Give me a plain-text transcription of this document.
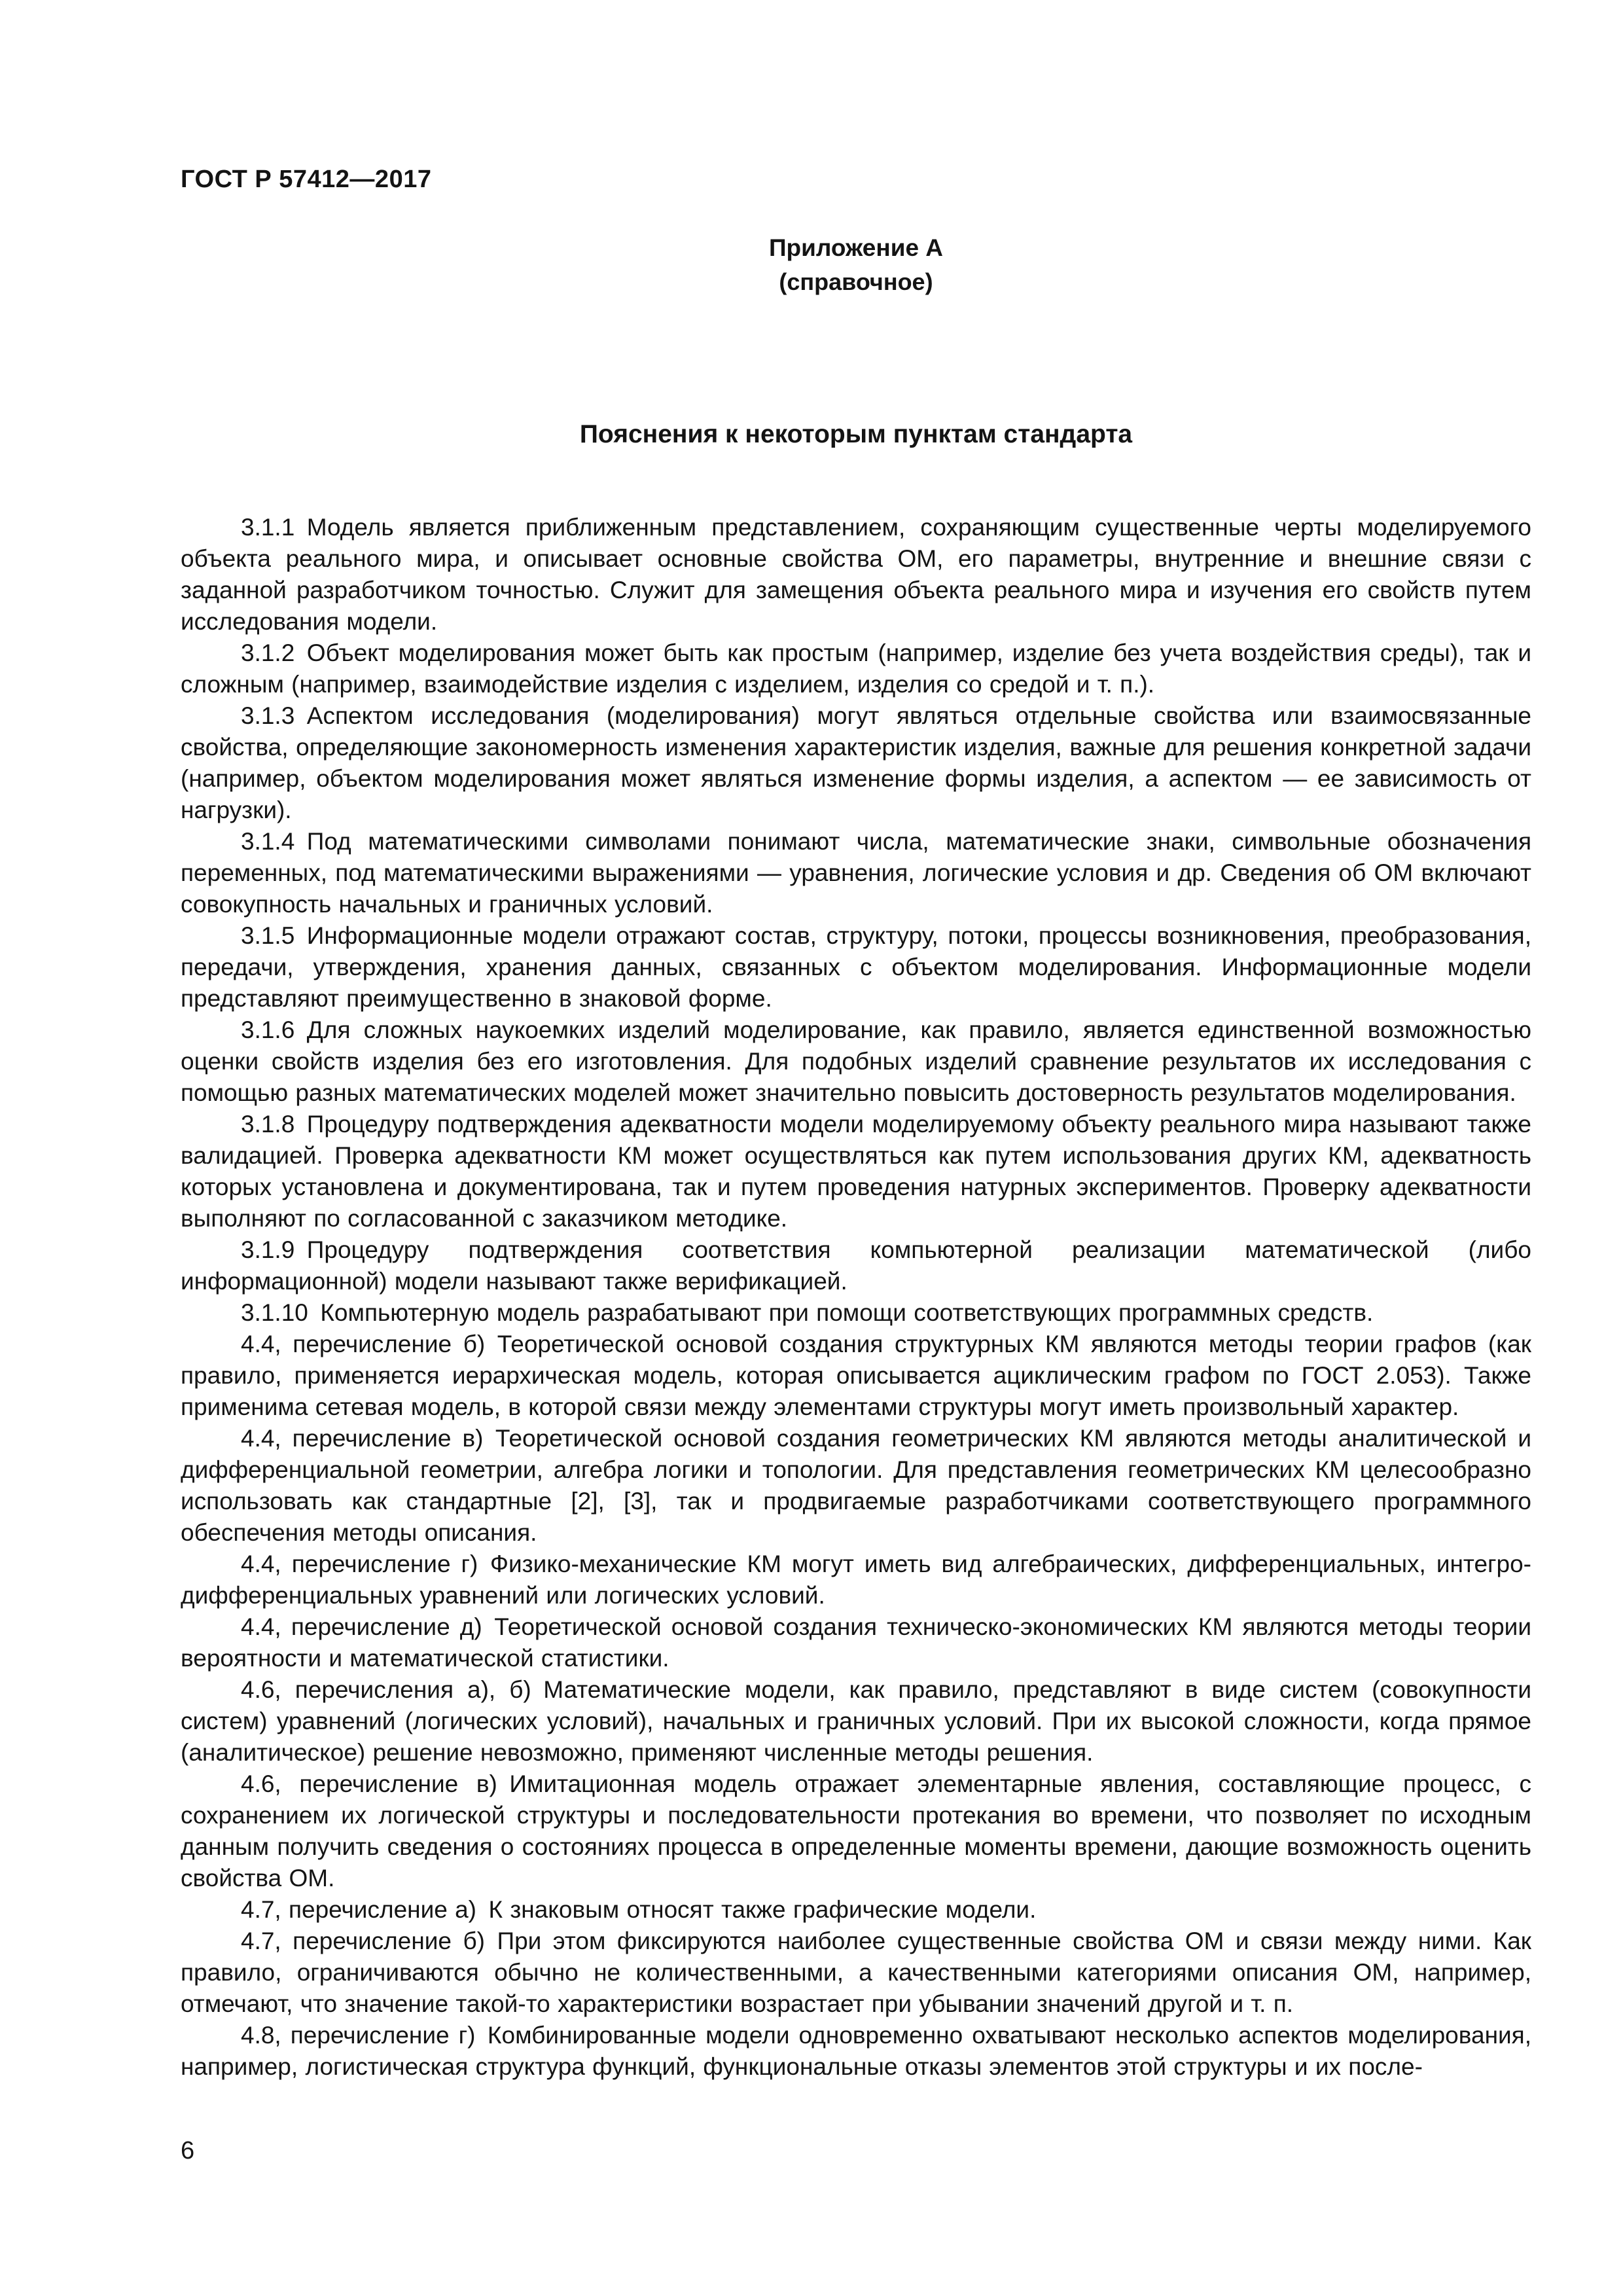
ГОСТ Р 57412—2017
Приложение А
(справочное)
Пояснения к некоторым пунктам стандарта

3.1.1 Модель является приближенным представлением, сохраняющим существенные черты моделируемого объекта реального мира, и описывает основные свойства ОМ, его параметры, внутренние и внешние связи с заданной разработчиком точностью. Служит для замещения объекта реального мира и изучения его свойств путем исследования модели.

3.1.2 Объект моделирования может быть как простым (например, изделие без учета воздействия среды), так и сложным (например, взаимодействие изделия с изделием, изделия со средой и т. п.).

3.1.3 Аспектом исследования (моделирования) могут являться отдельные свойства или взаимосвязанные свойства, определяющие закономерность изменения характеристик изделия, важные для решения конкретной задачи (например, объектом моделирования может являться изменение формы изделия, а аспектом — ее зависимость от нагрузки).

3.1.4 Под математическими символами понимают числа, математические знаки, символьные обозначения переменных, под математическими выражениями — уравнения, логические условия и др. Сведения об ОМ включают совокупность начальных и граничных условий.

3.1.5 Информационные модели отражают состав, структуру, потоки, процессы возникновения, преобразования, передачи, утверждения, хранения данных, связанных с объектом моделирования. Информационные модели представляют преимущественно в знаковой форме.

3.1.6 Для сложных наукоемких изделий моделирование, как правило, является единственной возможностью оценки свойств изделия без его изготовления. Для подобных изделий сравнение результатов их исследования с помощью разных математических моделей может значительно повысить достоверность результатов моделирования.

3.1.8 Процедуру подтверждения адекватности модели моделируемому объекту реального мира называют также валидацией. Проверка адекватности КМ может осуществляться как путем использования других КМ, адекватность которых установлена и документирована, так и путем проведения натурных экспериментов. Проверку адекватности выполняют по согласованной с заказчиком методике.

3.1.9 Процедуру подтверждения соответствия компьютерной реализации математической (либо информационной) модели называют также верификацией.

3.1.10 Компьютерную модель разрабатывают при помощи соответствующих программных средств.

4.4, перечисление б) Теоретической основой создания структурных КМ являются методы теории графов (как правило, применяется иерархическая модель, которая описывается ациклическим графом по ГОСТ 2.053). Также применима сетевая модель, в которой связи между элементами структуры могут иметь произвольный характер.

4.4, перечисление в) Теоретической основой создания геометрических КМ являются методы аналитической и дифференциальной геометрии, алгебра логики и топологии. Для представления геометрических КМ целесообразно использовать как стандартные [2], [3], так и продвигаемые разработчиками соответствующего программного обеспечения методы описания.

4.4, перечисление г) Физико-механические КМ могут иметь вид алгебраических, дифференциальных, интегро-дифференциальных уравнений или логических условий.

4.4, перечисление д) Теоретической основой создания техническо-экономических КМ являются методы теории вероятности и математической статистики.

4.6, перечисления а), б) Математические модели, как правило, представляют в виде систем (совокупности систем) уравнений (логических условий), начальных и граничных условий. При их высокой сложности, когда прямое (аналитическое) решение невозможно, применяют численные методы решения.

4.6, перечисление в) Имитационная модель отражает элементарные явления, составляющие процесс, с сохранением их логической структуры и последовательности протекания во времени, что позволяет по исходным данным получить сведения о состояниях процесса в определенные моменты времени, дающие возможность оценить свойства ОМ.

4.7, перечисление а) К знаковым относят также графические модели.

4.7, перечисление б) При этом фиксируются наиболее существенные свойства ОМ и связи между ними. Как правило, ограничиваются обычно не количественными, а качественными категориями описания ОМ, например, отмечают, что значение такой-то характеристики возрастает при убывании значений другой и т. п.

4.8, перечисление г) Комбинированные модели одновременно охватывают несколько аспектов моделирования, например, логистическая структура функций, функциональные отказы элементов этой структуры и их после-

6
